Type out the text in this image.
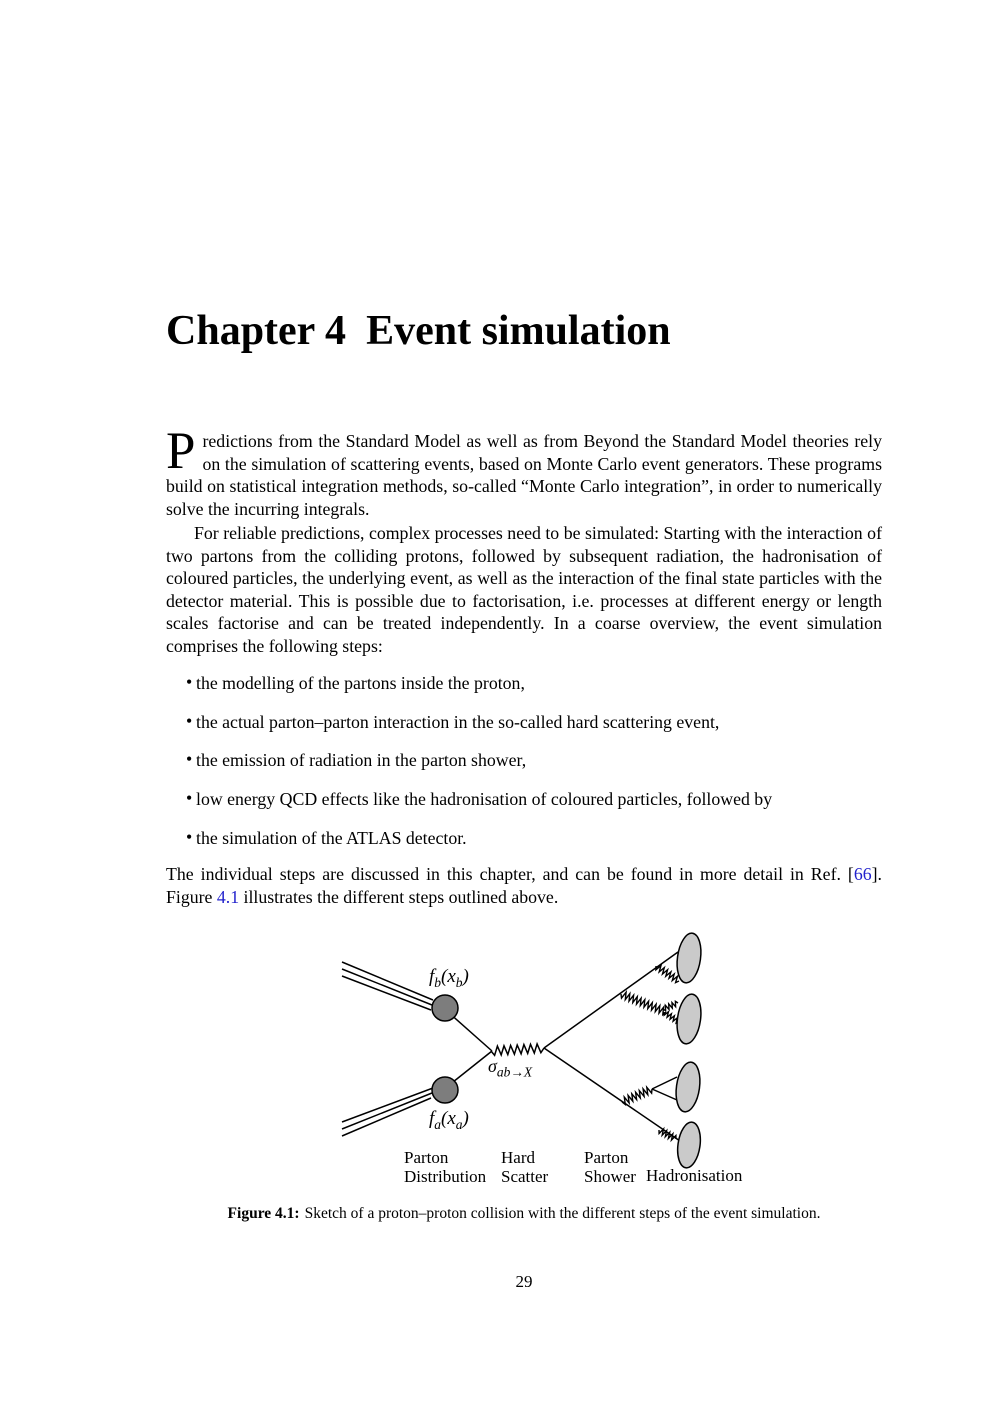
Chapter 4 Event simulation

Predictions from the Standard Model as well as from Beyond the Standard Model theories rely on the simulation of scattering events, based on Monte Carlo event generators. These programs build on statistical integration methods, so-called “Monte Carlo integration”, in order to numerically solve the incurring integrals.

For reliable predictions, complex processes need to be simulated: Starting with the interaction of two partons from the colliding protons, followed by subsequent radiation, the hadronisation of coloured particles, the underlying event, as well as the interaction of the final state particles with the detector material. This is possible due to factorisation, i.e. processes at different energy or length scales factorise and can be treated independently. In a coarse overview, the event simulation comprises the following steps:

• the modelling of the partons inside the proton,
• the actual parton–parton interaction in the so-called hard scattering event,
• the emission of radiation in the parton shower,
• low energy QCD effects like the hadronisation of coloured particles, followed by
• the simulation of the ATLAS detector.

The individual steps are discussed in this chapter, and can be found in more detail in Ref. [66]. Figure 4.1 illustrates the different steps outlined above.

$f_b(x_b)$
$f_a(x_a)$
$\sigma_{ab\to X}$
Parton
Distribution
Hard
Scatter
Parton
Shower Hadronisation
Figure 4.1: Sketch of a proton–proton collision with the different steps of the event simulation.
29
